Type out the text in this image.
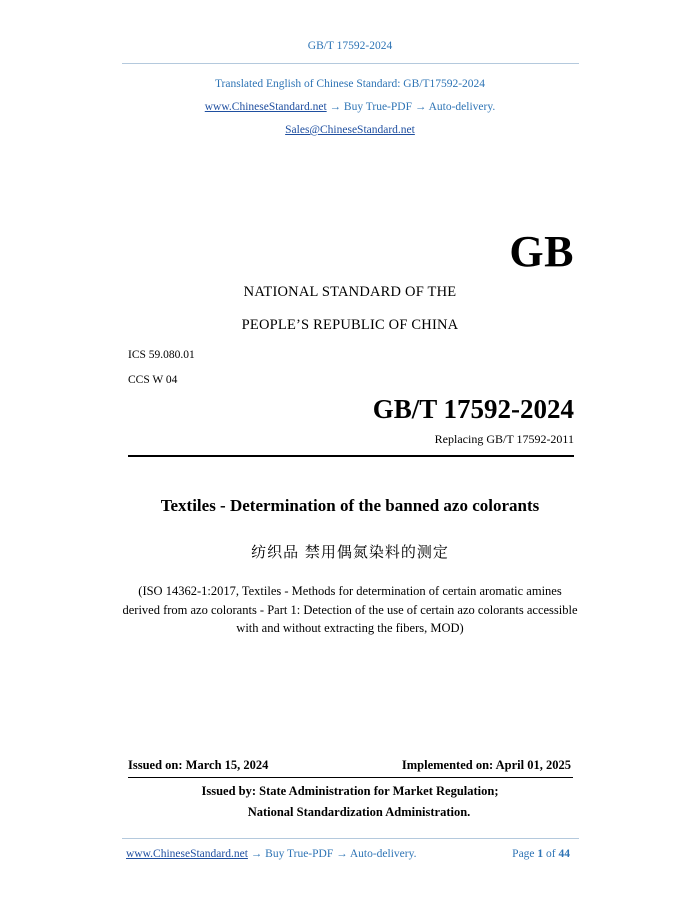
GB/T 17592-2024
Translated English of Chinese Standard: GB/T17592-2024
www.ChineseStandard.net → Buy True-PDF → Auto-delivery.
Sales@ChineseStandard.net
GB
NATIONAL STANDARD OF THE
PEOPLE’S REPUBLIC OF CHINA
ICS 59.080.01
CCS W 04
GB/T 17592-2024
Replacing GB/T 17592-2011
Textiles - Determination of the banned azo colorants
纺织品 禁用偶氮染料的测定
(ISO 14362-1:2017, Textiles - Methods for determination of certain aromatic amines derived from azo colorants - Part 1: Detection of the use of certain azo colorants accessible with and without extracting the fibers, MOD)
Issued on: March 15, 2024	Implemented on: April 01, 2025
Issued by: State Administration for Market Regulation;
National Standardization Administration.
www.ChineseStandard.net → Buy True-PDF → Auto-delivery.	Page 1 of 44
